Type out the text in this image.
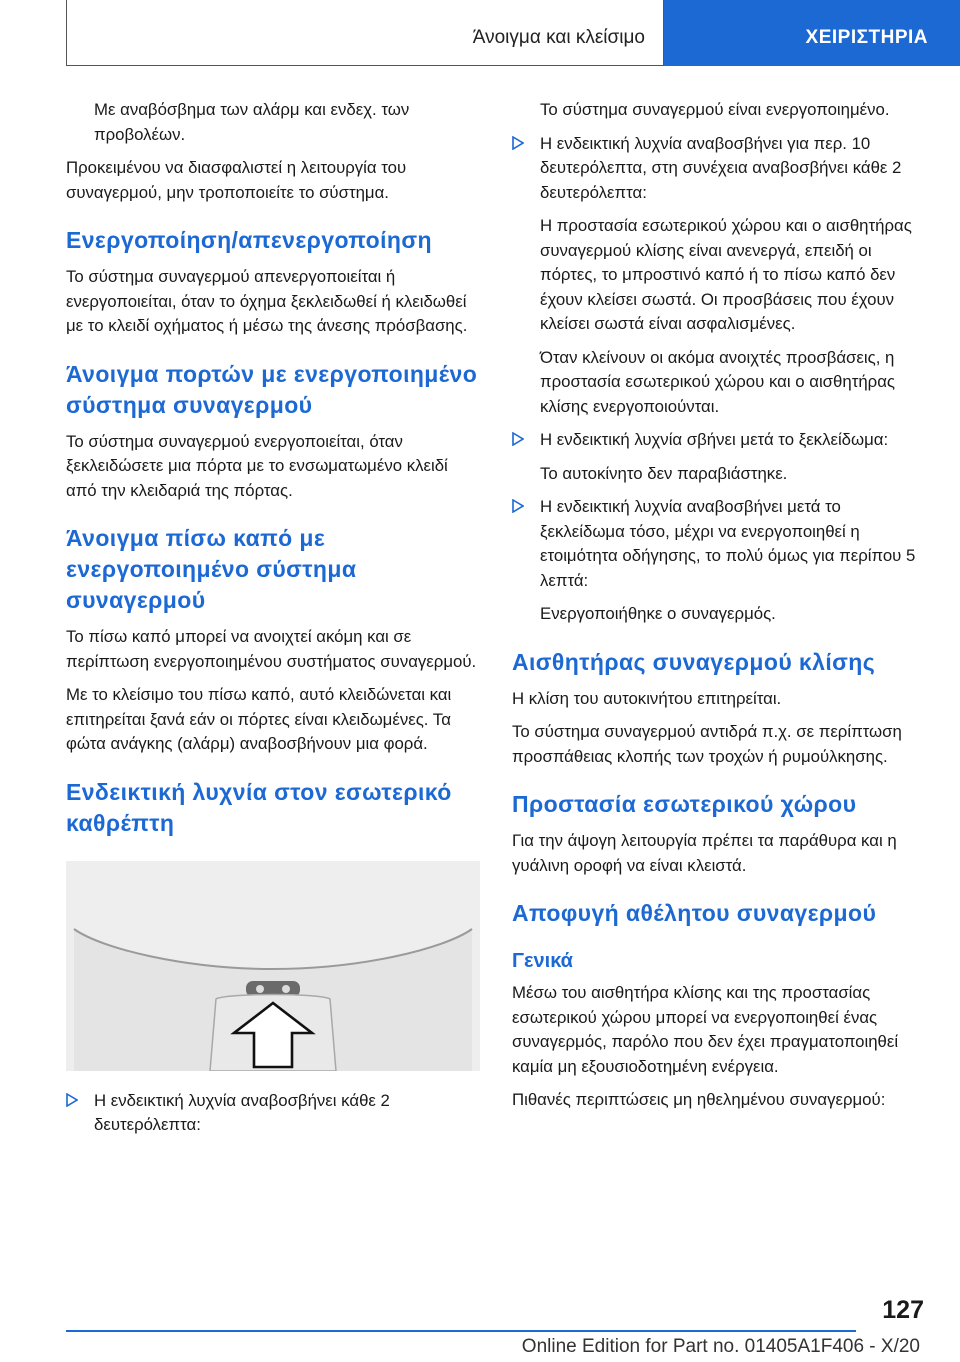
Άνοιγμα και κλείσιμο	ΧΕΙΡΙΣΤΗΡΙΑ

Με αναβόσβημα των αλάρμ και ενδεχ. των προβολέων.

Προκειμένου να διασφαλιστεί η λειτουργία του συναγερμού, μην τροποποιείτε το σύστημα.

Ενεργοποίηση/απενεργοποίηση

Το σύστημα συναγερμού απενεργοποιείται ή ενεργοποιείται, όταν το όχημα ξεκλειδωθεί ή κλειδωθεί με το κλειδί οχήματος ή μέσω της άνεσης πρόσβασης.

Άνοιγμα πορτών με ενεργοποιημένο σύστημα συναγερμού

Το σύστημα συναγερμού ενεργοποιείται, όταν ξεκλειδώσετε μια πόρτα με το ενσωματωμένο κλειδί από την κλειδαριά της πόρτας.

Άνοιγμα πίσω καπό με ενεργοποιημένο σύστημα συναγερμού

Το πίσω καπό μπορεί να ανοιχτεί ακόμη και σε περίπτωση ενεργοποιημένου συστήματος συναγερμού.

Με το κλείσιμο του πίσω καπό, αυτό κλειδώνεται και επιτηρείται ξανά εάν οι πόρτες είναι κλειδωμένες. Τα φώτα ανάγκης (αλάρμ) αναβοσβήνουν μια φορά.

Ενδεικτική λυχνία στον εσωτερικό καθρέπτη

Η ενδεικτική λυχνία αναβοσβήνει κάθε 2 δευτερόλεπτα:

Το σύστημα συναγερμού είναι ενεργοποιημένο.

Η ενδεικτική λυχνία αναβοσβήνει για περ. 10 δευτερόλεπτα, στη συνέχεια αναβοσβήνει κάθε 2 δευτερόλεπτα:

Η προστασία εσωτερικού χώρου και ο αισθητήρας συναγερμού κλίσης είναι ανενεργά, επειδή οι πόρτες, το μπροστινό καπό ή το πίσω καπό δεν έχουν κλείσει σωστά. Οι προσβάσεις που έχουν κλείσει σωστά είναι ασφαλισμένες.

Όταν κλείνουν οι ακόμα ανοιχτές προσβάσεις, η προστασία εσωτερικού χώρου και ο αισθητήρας κλίσης ενεργοποιούνται.

Η ενδεικτική λυχνία σβήνει μετά το ξεκλείδωμα:

Το αυτοκίνητο δεν παραβιάστηκε.

Η ενδεικτική λυχνία αναβοσβήνει μετά το ξεκλείδωμα τόσο, μέχρι να ενεργοποιηθεί η ετοιμότητα οδήγησης, το πολύ όμως για περίπου 5 λεπτά:

Ενεργοποιήθηκε ο συναγερμός.

Αισθητήρας συναγερμού κλίσης

Η κλίση του αυτοκινήτου επιτηρείται.

Το σύστημα συναγερμού αντιδρά π.χ. σε περίπτωση προσπάθειας κλοπής των τροχών ή ρυμούλκησης.

Προστασία εσωτερικού χώρου

Για την άψογη λειτουργία πρέπει τα παράθυρα και η γυάλινη οροφή να είναι κλειστά.

Αποφυγή αθέλητου συναγερμού
Γενικά

Μέσω του αισθητήρα κλίσης και της προστασίας εσωτερικού χώρου μπορεί να ενεργοποιηθεί ένας συναγερμός, παρόλο που δεν έχει πραγματοποιηθεί καμία μη εξουσιοδοτημένη ενέργεια.

Πιθανές περιπτώσεις μη ηθελημένου συναγερμού:

127
Online Edition for Part no. 01405A1F406 - X/20
